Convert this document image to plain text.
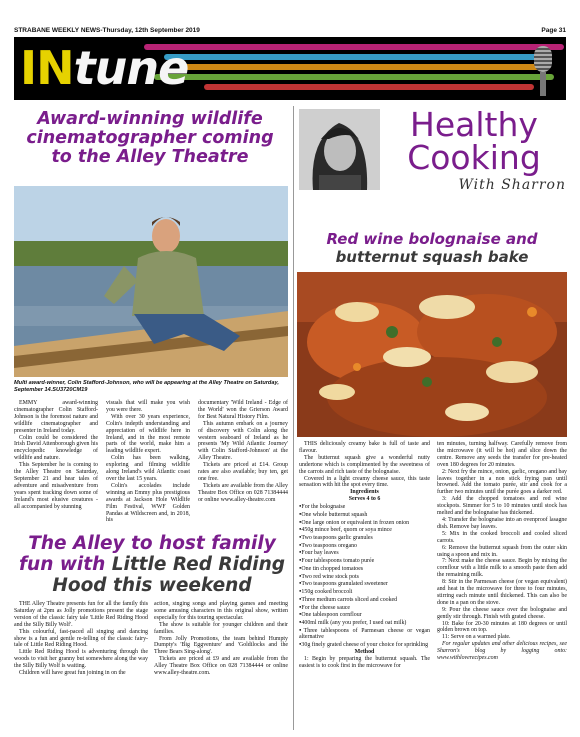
STRABANE WEEKLY NEWS-Thursday, 12th September 2019	Page 31
INtune
Award-winning wildlife cinematographer coming to the Alley Theatre
Multi award-winner, Colin Stafford-Johnson, who will be appearing at the Alley Theatre on Saturday, September 14.SU3720CM19

EMMY award-winning cinematographer Colin Stafford-Johnson is the foremost nature and wildlife cinematographer and presenter in Ireland today.

Colin could be considered the Irish David Attenborough given his encyclopedic knowledge of wildlife and nature.

This September he is coming to the Alley Theatre on Saturday, September 21 and hear tales of adventure and misadventure from years spent tracking down some of Ireland's most elusive creatures - all accompanied by stunning

visuals that will make you wish you were there.

With over 30 years experience, Colin's indepth understanding and appreciation of wildlife here in Ireland, and in the most remote parts of the world, make him a leading wildlife expert.

Colin has been walking, exploring and filming wildlife along Ireland's wild Atlantic coast over the last 15 years.

Colin's accolades include winning an Emmy plus prestigious awards at Jackson Hole Wildlife Film Festival, WWF Golden Pandas at Wildscreen and, in 2018, his

documentary 'Wild Ireland - Edge of the World' won the Grierson Award for Best Natural History Film.

This autumn embark on a journey of discovery with Colin along the western seaboard of Ireland as he presents 'My Wild Atlantic Journey' with Colin Stafford-Johnson' at the Alley Theatre.

Tickets are priced at £14. Group rates are also available; buy ten, get one free.

Tickets are available from the Alley Theatre Box Office on 028 71384444 or online www.alley-theatre.com

The Alley to host family fun with Little Red Riding Hood this weekend

THE Alley Theatre presents fun for all the family this Saturday at 2pm as Jolly promotions present the stage version of the classic fairy tale 'Little Red Riding Hood and the Silly Billy Wolf'.

This colourful, fast-paced all singing and dancing show is a fun and gentle re-telling of the classic fairy-tale of Little Red Riding Hood.

Little Red Riding Hood is adventuring through the woods to visit her granny but somewhere along the way the Silly Billy Wolf is waiting.

Children will have great fun joining in on the

action, singing songs and playing games and meeting some amusing characters in this original show, written especially for this touring spectacular.

The show is suitable for younger children and their families.

From Jolly Promotions, the team behind Humpty Dumpty's 'Big Eggventure' and 'Goldilocks and the Three Bears Sing-along'.

Tickets are priced at £9 and are available from the Alley Theatre Box Office on 028 71384444 or online www.alley-theatre.com.

Healthy
Cooking
With Sharron
Red wine bolognaise and
butternut squash bake

THIS deliciously creamy bake is full of taste and flavour.

The butternut squash give a wonderful nutty undertone which is complimented by the sweetness of the carrots and rich taste of the bolognaise.

Covered in a light creamy cheese sauce, this taste sensation with hit the spot every time.

Ingredients

Serves 4 to 6

● For the bolognaise
● One whole butternut squash
● One large onion or equivalent in frozen onion
● 450g mince beef, quorn or soya mince
● Two teaspoons garlic granules
● Two teaspoons oregano
● Four bay leaves
● Four tablespoons tomato purée
● One tin chopped tomatoes
● Two red wine stock pots
● Two teaspoons granulated sweetener
● 150g cooked broccoli
● Three medium carrots sliced and cooked
● For the cheese sauce
● One tablespoon cornflour
● 400ml milk (any you prefer, I used oat milk)
● Three tablespoons of Parmesan cheese or vegan alternative
● 30g finely grated cheese of your choice for sprinkling

Method

1: Begin by preparing the butternut squash. The easiest is to cook first in the microwave for

ten minutes, turning halfway. Carefully remove from the microwave (it will be hot) and slice down the centre. Remove any seeds the transfer for pre-heated oven 180 degrees for 20 minutes.

2: Next fry the mince, onion, garlic, oregano and bay leaves together in a non stick frying pan until browned. Add the tomato purée, stir and cook for a further two minutes until the purée goes a darker red.

3: Add the chopped tomatoes and red wine stockpots. Simmer for 5 to 10 minutes until stock has melted and the bolognaise has thickened.

4: Transfer the bolognaise into an ovenproof lasagne dish. Remove bay leaves.

5: Mix in the cooked broccoli and cooled sliced carrots.

6: Remove the butternut squash from the outer skin using a spoon and mix in.

7: Next make the cheese sauce. Begin by mixing the cornflour with a little milk to a smooth paste then add the remaining milk.

8: Stir in the Parmesan cheese (or vegan equivalent) and heat in the microwave for three to four minutes, stirring each minute until thickened. This can also be done in a pan on the stove.

9: Pour the cheese sauce over the bolognaise and gently stir through. Finish with grated cheese.

10: Bake for 20-30 minutes at 180 degrees or until golden brown on top.

11: Serve on a warmed plate.

For regular updates and other delicious recipes, see Sharron's blog by logging onto: www.withloverecipes.com
